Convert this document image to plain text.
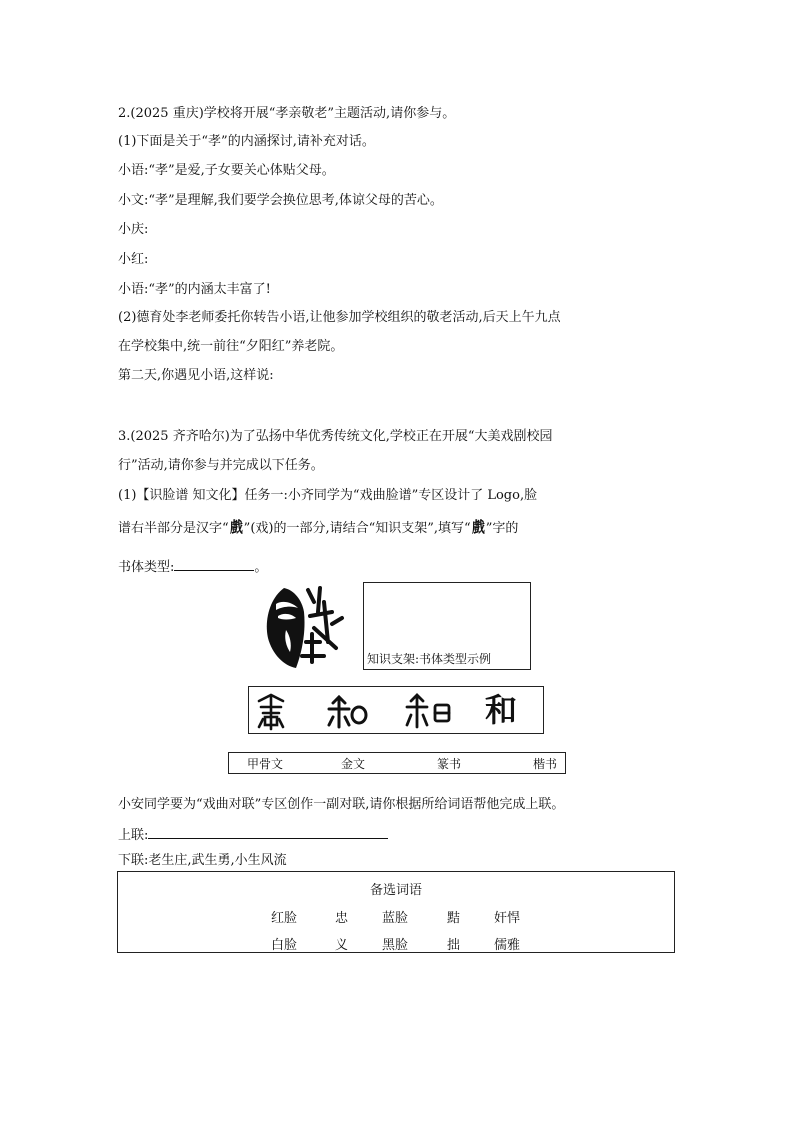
2.(2025 重庆)学校将开展“孝亲敬老”主题活动,请你参与。
(1)下面是关于“孝”的内涵探讨,请补充对话。
小语:“孝”是爱,子女要关心体贴父母。
小文:“孝”是理解,我们要学会换位思考,体谅父母的苦心。
小庆:
小红:
小语:“孝”的内涵太丰富了!
(2)德育处李老师委托你转告小语,让他参加学校组织的敬老活动,后天上午九点
在学校集中,统一前往“夕阳红”养老院。
第二天,你遇见小语,这样说:
3.(2025 齐齐哈尔)为了弘扬中华优秀传统文化,学校正在开展“大美戏剧校园
行”活动,请你参与并完成以下任务。
(1)【识脸谱 知文化】任务一:小齐同学为“戏曲脸谱”专区设计了 Logo,脸
谱右半部分是汉字“戲”(戏)的一部分,请结合“知识支架”,填写“戲”字的
书体类型:	。
知识支架:书体类型示例
和
甲骨文	金文	篆书	楷书
小安同学要为“戏曲对联”专区创作一副对联,请你根据所给词语帮他完成上联。
上联:
下联:老生庄,武生勇,小生风流
备选词语
红脸	忠	蓝脸	黠	奸悍
白脸	义	黑脸	拙	儒雅
